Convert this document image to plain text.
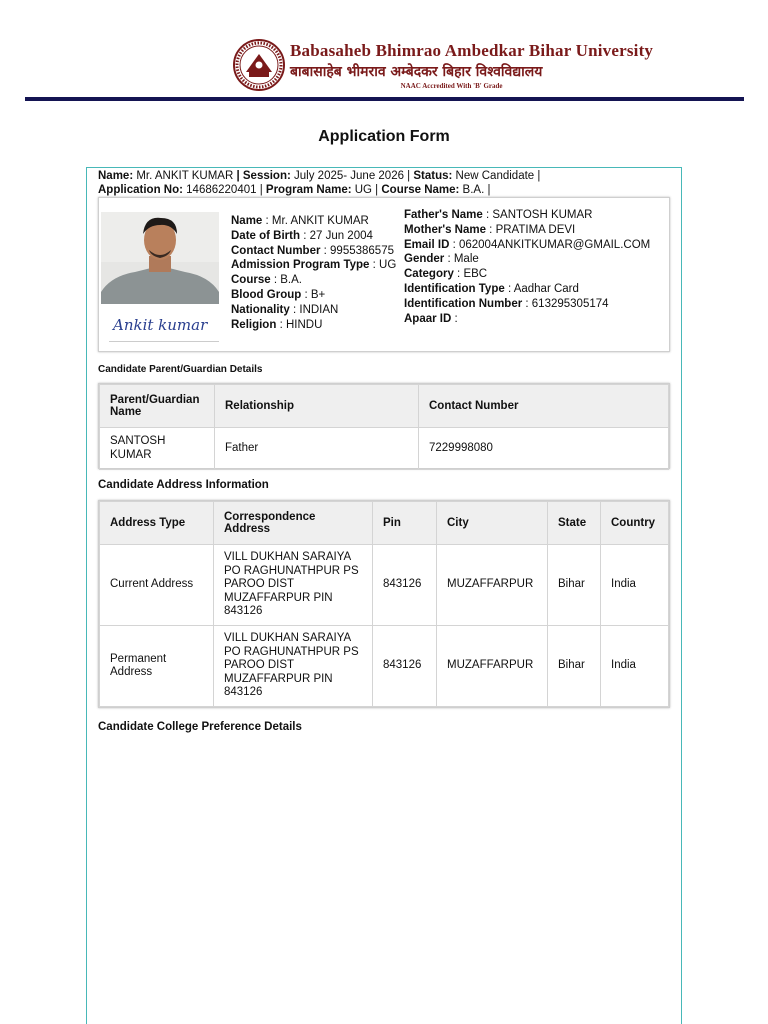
Babasaheb Bhimrao Ambedkar Bihar University
बाबासाहेब भीमराव अम्बेदकर बिहार विश्वविद्यालय
NAAC Accredited With 'B' Grade
Application Form
Name: Mr. ANKIT KUMAR | Session: July 2025- June 2026 | Status: New Candidate |
Application No: 14686220401 | Program Name: UG | Course Name: B.A. |
Ankit kumar
Name : Mr. ANKIT KUMAR
Date of Birth : 27 Jun 2004
Contact Number : 9955386575
Admission Program Type : UG
Course : B.A.
Blood Group : B+
Nationality : INDIAN
Religion : HINDU
Father's Name : SANTOSH KUMAR
Mother's Name : PRATIMA DEVI
Email ID : 062004ANKITKUMAR@GMAIL.COM
Gender : Male
Category : EBC
Identification Type : Aadhar Card
Identification Number : 613295305174
Apaar ID :
Candidate Parent/Guardian Details
Parent/Guardian Name	Relationship	Contact Number
SANTOSH KUMAR	Father	7229998080
Candidate Address Information
Address Type	Correspondence Address	Pin	City	State	Country
Current Address	VILL DUKHAN SARAIYA PO RAGHUNATHPUR PS PAROO DIST MUZAFFARPUR PIN 843126	843126	MUZAFFARPUR	Bihar	India
Permanent Address	VILL DUKHAN SARAIYA PO RAGHUNATHPUR PS PAROO DIST MUZAFFARPUR PIN 843126	843126	MUZAFFARPUR	Bihar	India
Candidate College Preference Details
